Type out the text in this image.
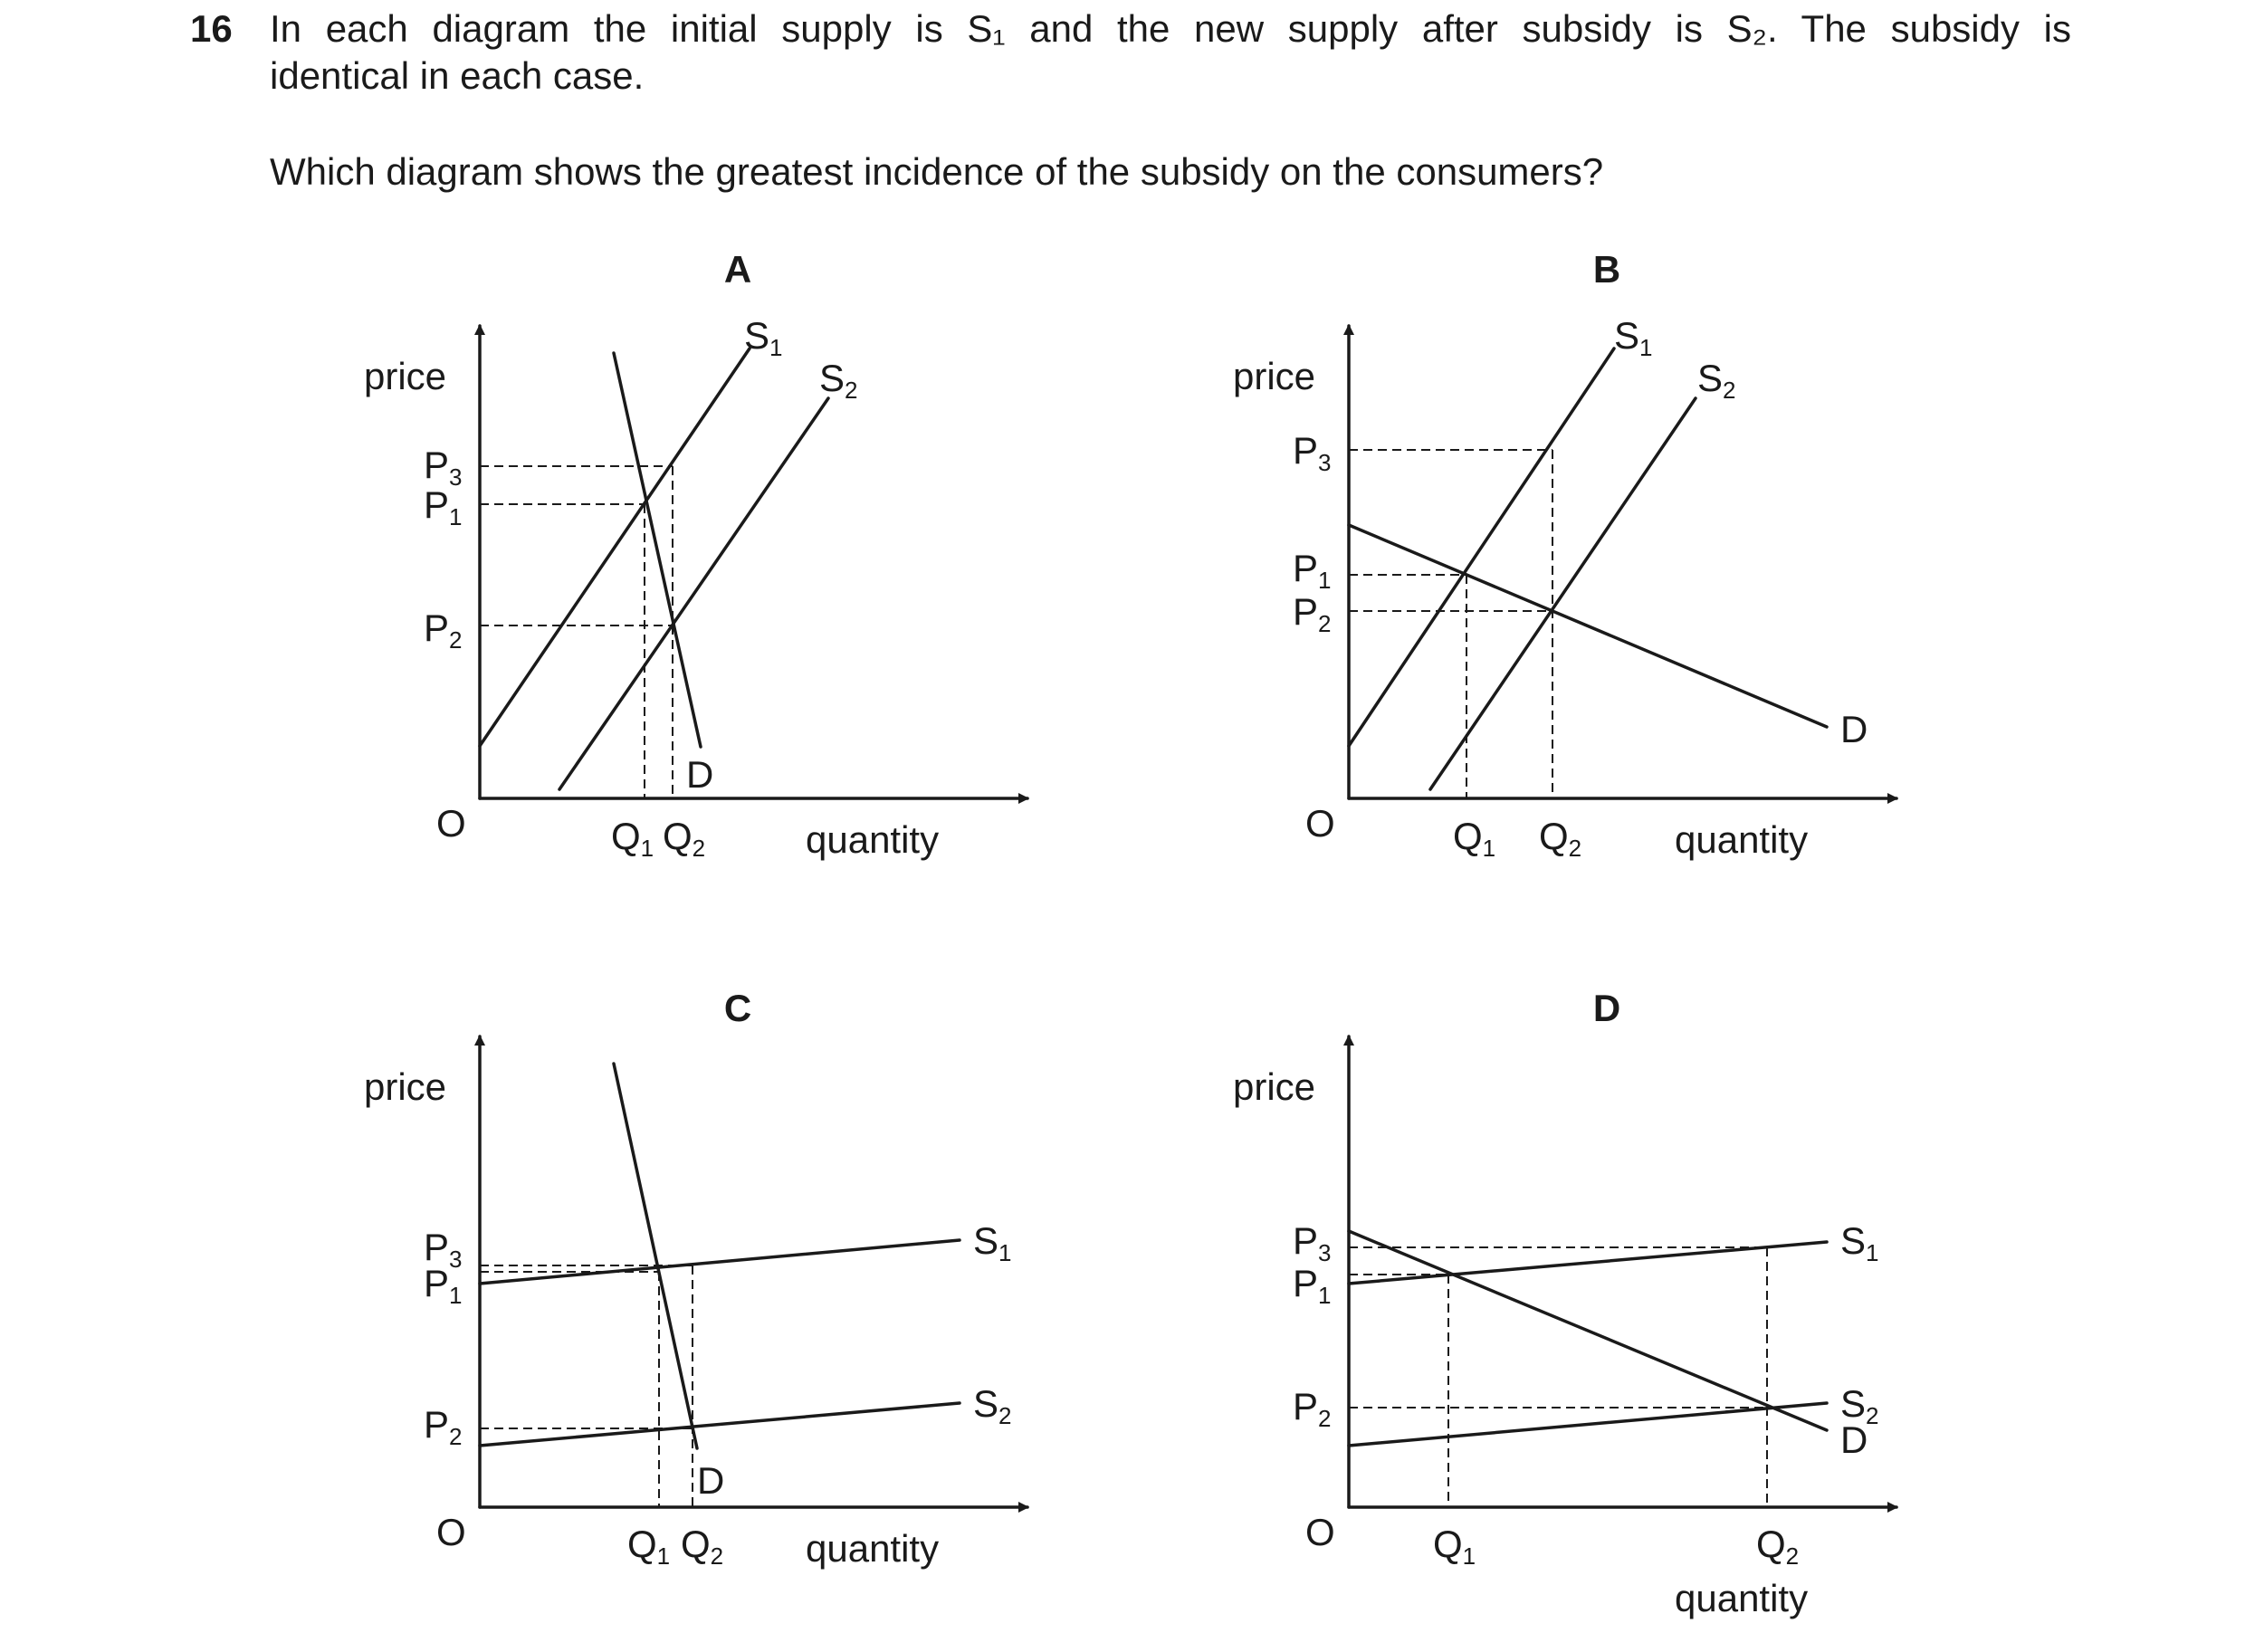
16 In each diagram the initial supply is S₁ and the new supply after subsidy is S₂. The subsidy is
identical in each case.
Which diagram shows the greatest incidence of the subsidy on the consumers?
A
price
quantity
O
P3
P1
P2
Q1 Q2
S1
S2
D
B
price
quantity
O
P3
P1
P2
Q1 Q2
S1
S2
D
C
price
quantity
O
P3
P1
P2
Q1 Q2
S1
S2
D
D
price
quantity
O
P3
P1
P2
Q1	Q2
S1
S2
D
